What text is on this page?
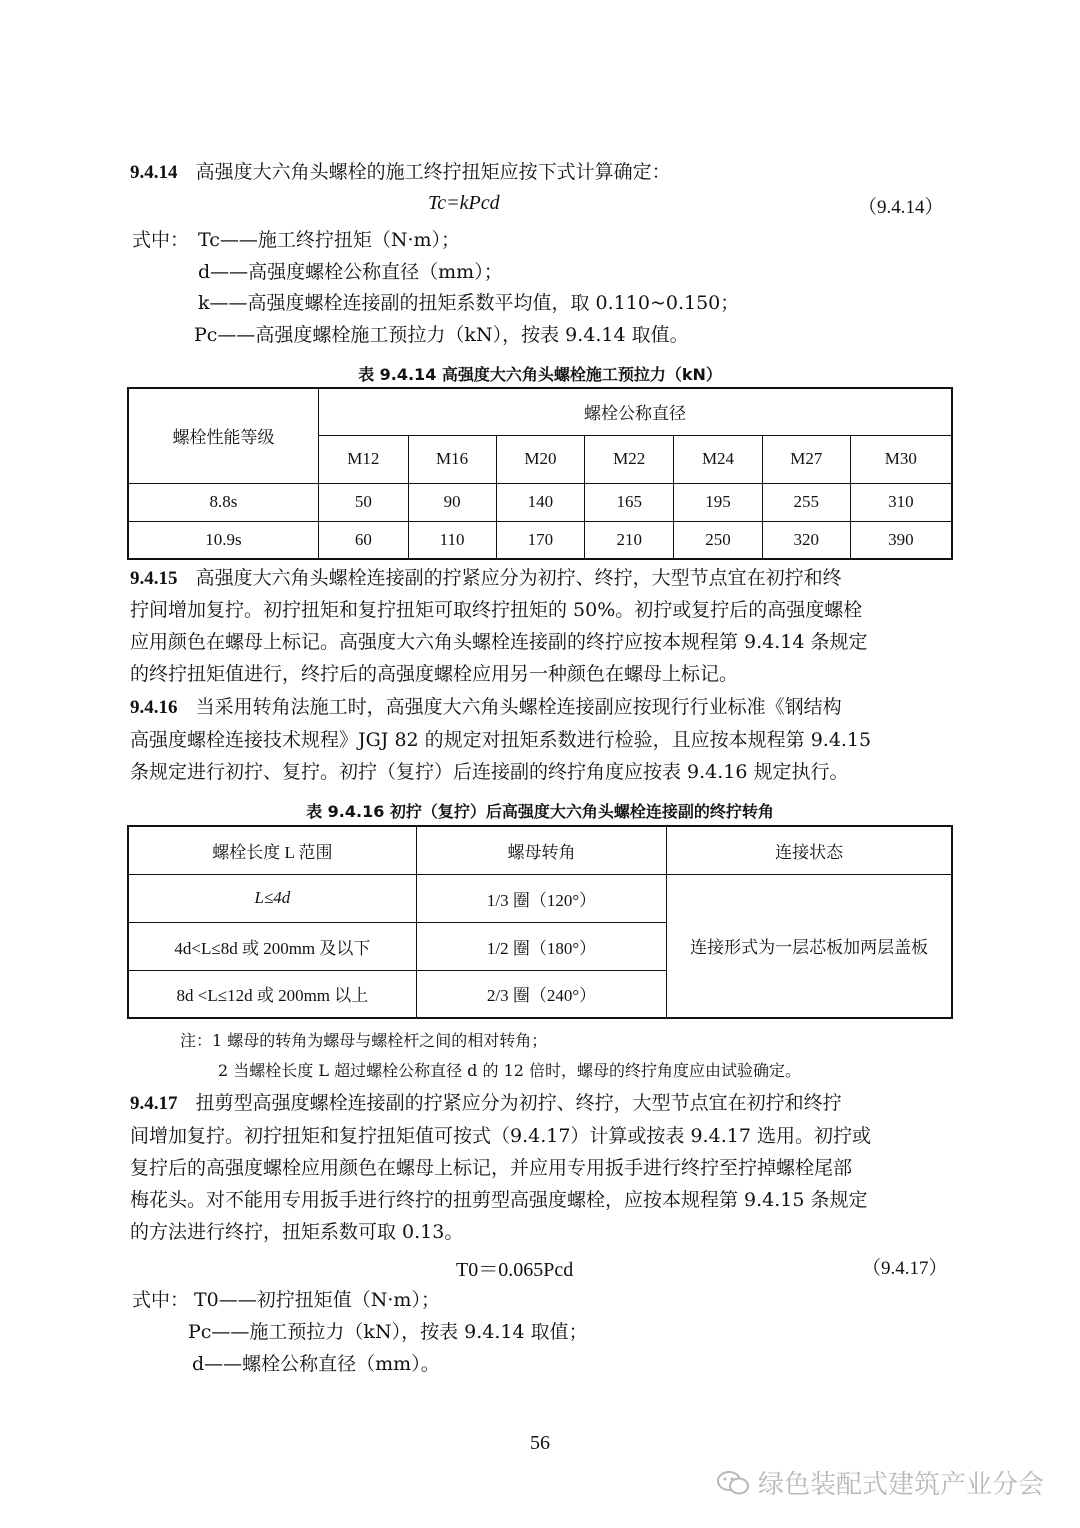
9.4.14 高强度大六角头螺栓的施工终拧扭矩应按下式计算确定：
Tc=kPcd	（9.4.14）
式中： Tc——施工终拧扭矩（N·m）；
d——高强度螺栓公称直径（mm）；
k——高强度螺栓连接副的扭矩系数平均值，取 0.110~0.150；
Pc——高强度螺栓施工预拉力（kN），按表 9.4.14 取值。
表 9.4.14 高强度大六角头螺栓施工预拉力（kN）
螺栓性能等级	螺栓公称直径						
	M12	M16	M20	M22	M24	M27	M30
8.8s	50	90	140	165	195	255	310
10.9s	60	110	170	210	250	320	390
9.4.15 高强度大六角头螺栓连接副的拧紧应分为初拧、终拧，大型节点宜在初拧和终
拧间增加复拧。初拧扭矩和复拧扭矩可取终拧扭矩的 50%。初拧或复拧后的高强度螺栓
应用颜色在螺母上标记。高强度大六角头螺栓连接副的终拧应按本规程第 9.4.14 条规定
的终拧扭矩值进行，终拧后的高强度螺栓应用另一种颜色在螺母上标记。
9.4.16 当采用转角法施工时，高强度大六角头螺栓连接副应按现行行业标准《钢结构
高强度螺栓连接技术规程》JGJ 82 的规定对扭矩系数进行检验，且应按本规程第 9.4.15
条规定进行初拧、复拧。初拧（复拧）后连接副的终拧角度应按表 9.4.16 规定执行。
表 9.4.16 初拧（复拧）后高强度大六角头螺栓连接副的终拧转角
螺栓长度 L 范围	螺母转角	连接状态
L≤4d	1/3 圈（120°）	连接形式为一层芯板加两层盖板
4d<L≤8d 或 200mm 及以下	1/2 圈（180°）	
8d <L≤12d 或 200mm 以上	2/3 圈（240°）	
注：1 螺母的转角为螺母与螺栓杆之间的相对转角；
2 当螺栓长度 L 超过螺栓公称直径 d 的 12 倍时，螺母的终拧角度应由试验确定。
9.4.17 扭剪型高强度螺栓连接副的拧紧应分为初拧、终拧，大型节点宜在初拧和终拧
间增加复拧。初拧扭矩和复拧扭矩值可按式（9.4.17）计算或按表 9.4.17 选用。初拧或
复拧后的高强度螺栓应用颜色在螺母上标记，并应用专用扳手进行终拧至拧掉螺栓尾部
梅花头。对不能用专用扳手进行终拧的扭剪型高强度螺栓，应按本规程第 9.4.15 条规定
的方法进行终拧，扭矩系数可取 0.13。
T0＝0.065Pcd	（9.4.17）
式中： T0——初拧扭矩值（N·m）；
Pc——施工预拉力（kN），按表 9.4.14 取值；
d——螺栓公称直径（mm）。
56
绿色装配式建筑产业分会
